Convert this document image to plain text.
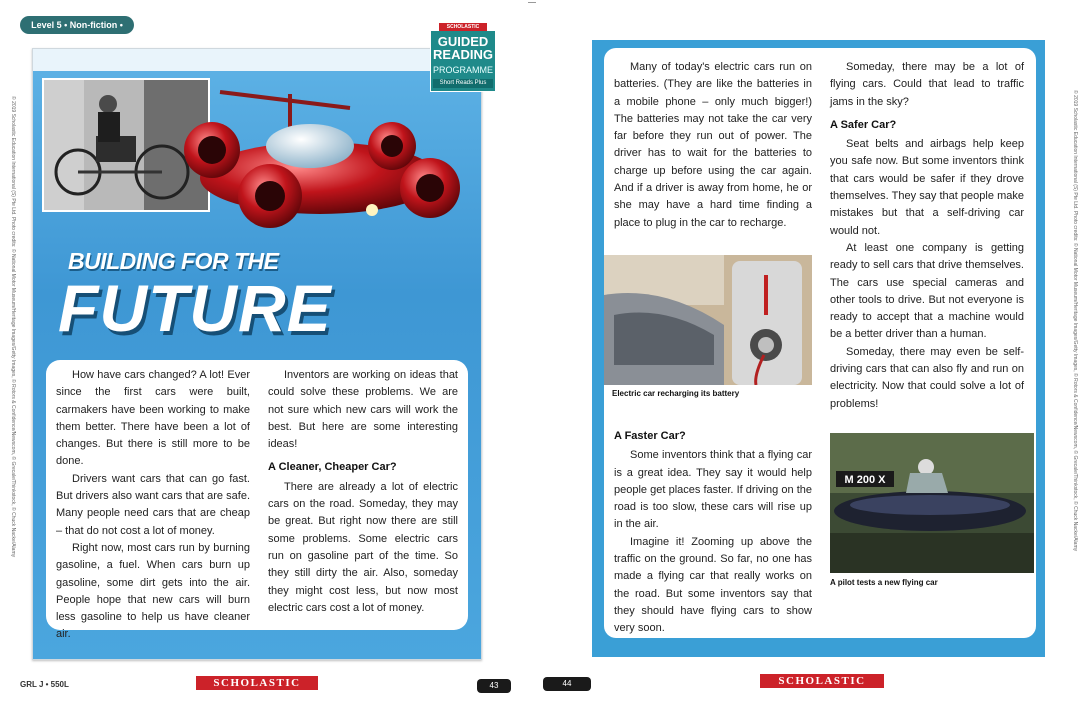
Level 5 • Non-fiction • Card 5
© 2019 Scholastic Education International (S) Pte Ltd. Photo credits: © National Motor Museum/Heritage Images/Getty Images, © Rotors & Confidence/Newscom, © Grecale/Thinkstock, © Chuck Nacke/Alamy	© 2019 Scholastic Education International (S) Pte Ltd. Photo credits: © National Motor Museum/Heritage Images/Getty Images, © Rotors & Confidence/Newscom, © Grecale/Thinkstock, © Chuck Nacke/Alamy
SCHOLASTIC
GUIDED
READING
PROGRAMME
Short Reads Plus
BUILDING FOR THE
FUTURE

How have cars changed? A lot! Ever since the first cars were built, carmakers have been working to make them better. There have been a lot of changes. But there is still more to be done.

Drivers want cars that can go fast. But drivers also want cars that are safe. Many people need cars that are cheap – that do not cost a lot of money.

Right now, most cars run by burning gasoline, a fuel. When cars burn up gasoline, some dirt gets into the air. People hope that new cars will burn less gasoline to help us have cleaner air.

Inventors are working on ideas that could solve these problems. We are not sure which new cars will work the best. But here are some interesting ideas!

A Cleaner, Cheaper Car?

There are already a lot of electric cars on the road. Someday, they may be great. But right now there are still some problems. Some electric cars run on gasoline part of the time. So they still dirty the air. Also, someday they might cost less, but now most electric cars cost a lot of money.

Many of today's electric cars run on batteries. (They are like the batteries in a mobile phone – only much bigger!) The batteries may not take the car very far before they run out of power. The driver has to wait for the batteries to charge up before using the car again. And if a driver is away from home, he or she may have a hard time finding a place to plug in the car to recharge.

Electric car recharging its battery
A Faster Car?

Some inventors think that a flying car is a great idea. They say it would help people get places faster. If driving on the road is too slow, these cars will rise up in the air.

Imagine it! Zooming up above the traffic on the ground. So far, no one has made a flying car that really works on the road. But some inventors say that they should have flying cars to show very soon.

Someday, there may be a lot of flying cars. Could that lead to traffic jams in the sky?

A Safer Car?

Seat belts and airbags help keep you safe now. But some inventors think that cars would be safer if they drove themselves. They say that people make mistakes but that a self-driving car would not.

At least one company is getting ready to sell cars that drive themselves. The cars use special cameras and other tools to drive. But not everyone is ready to accept that a machine would be a better driver than a human.

Someday, there may even be self-driving cars that can also fly and run on electricity. Now that could solve a lot of problems!

M 200 X
A pilot tests a new flying car
GRL J • 550L	SCHOLASTIC	43	44	SCHOLASTIC
